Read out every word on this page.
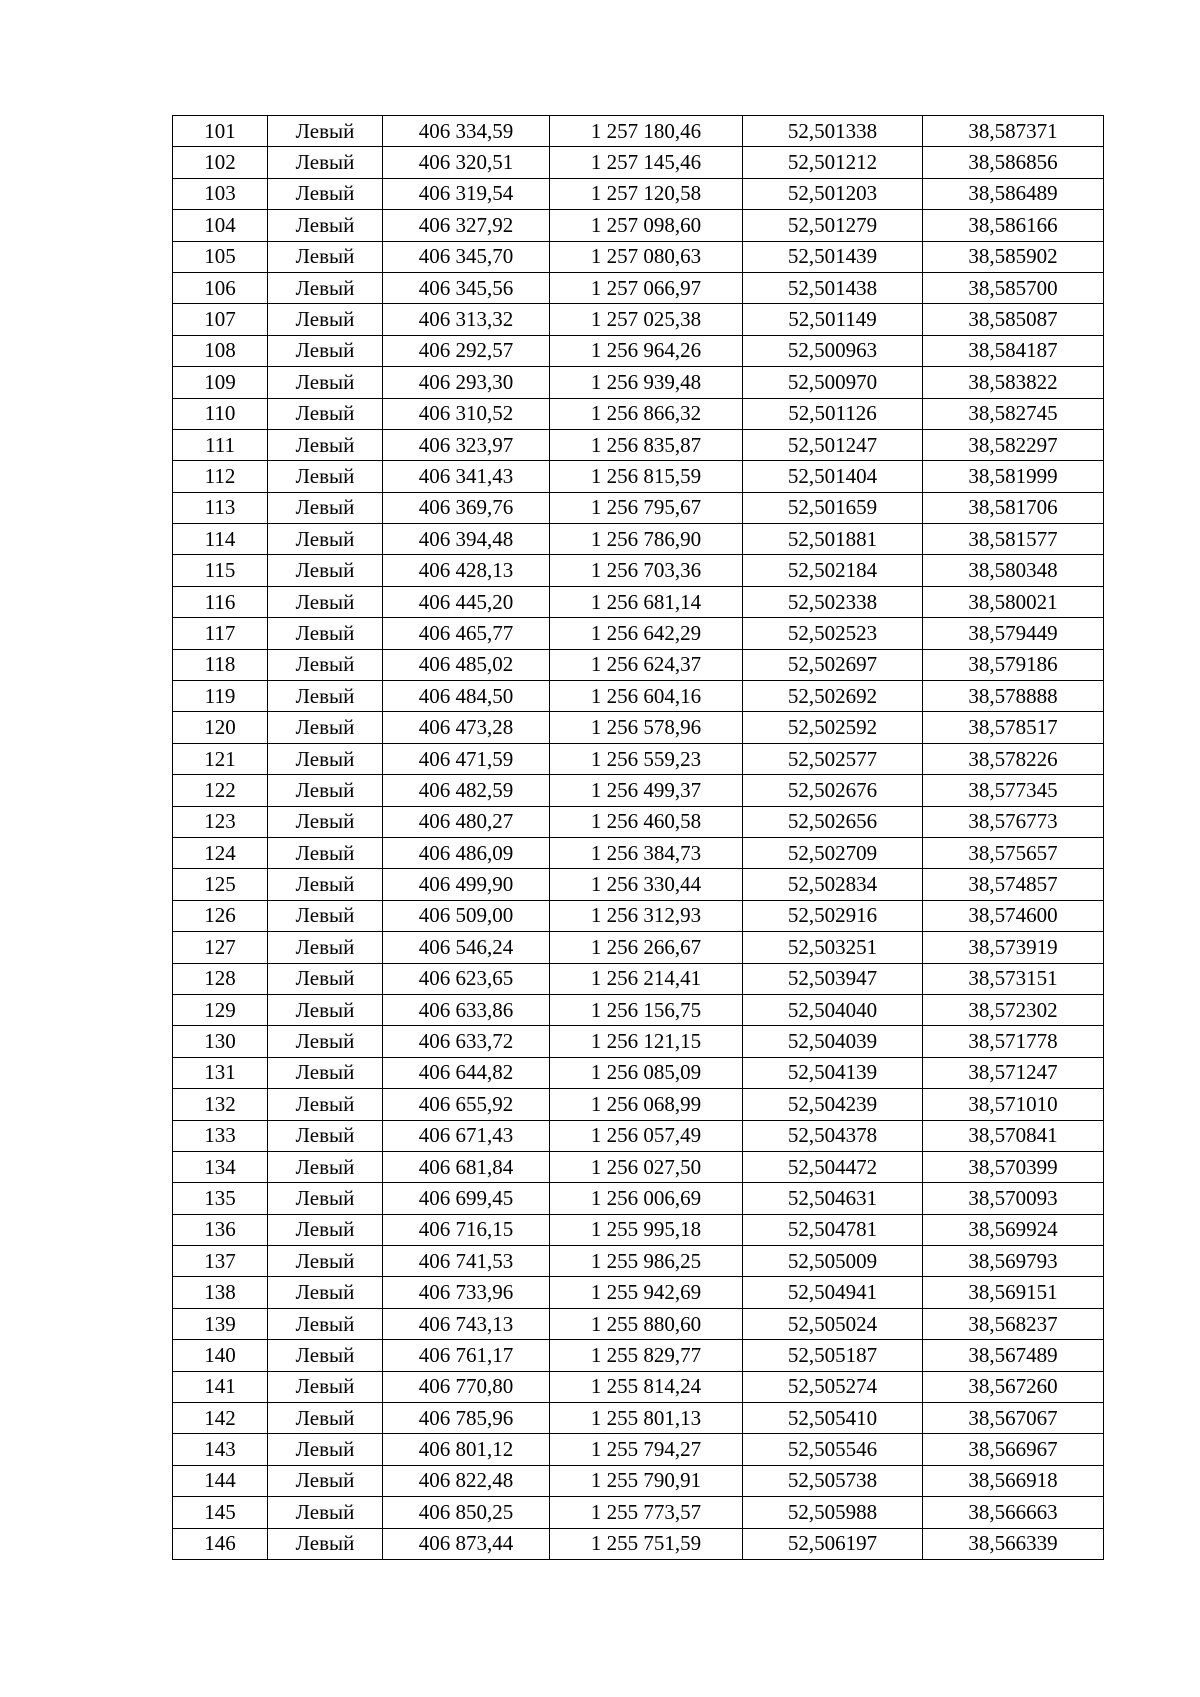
101	Левый	406 334,59	1 257 180,46	52,501338	38,587371
102	Левый	406 320,51	1 257 145,46	52,501212	38,586856
103	Левый	406 319,54	1 257 120,58	52,501203	38,586489
104	Левый	406 327,92	1 257 098,60	52,501279	38,586166
105	Левый	406 345,70	1 257 080,63	52,501439	38,585902
106	Левый	406 345,56	1 257 066,97	52,501438	38,585700
107	Левый	406 313,32	1 257 025,38	52,501149	38,585087
108	Левый	406 292,57	1 256 964,26	52,500963	38,584187
109	Левый	406 293,30	1 256 939,48	52,500970	38,583822
110	Левый	406 310,52	1 256 866,32	52,501126	38,582745
111	Левый	406 323,97	1 256 835,87	52,501247	38,582297
112	Левый	406 341,43	1 256 815,59	52,501404	38,581999
113	Левый	406 369,76	1 256 795,67	52,501659	38,581706
114	Левый	406 394,48	1 256 786,90	52,501881	38,581577
115	Левый	406 428,13	1 256 703,36	52,502184	38,580348
116	Левый	406 445,20	1 256 681,14	52,502338	38,580021
117	Левый	406 465,77	1 256 642,29	52,502523	38,579449
118	Левый	406 485,02	1 256 624,37	52,502697	38,579186
119	Левый	406 484,50	1 256 604,16	52,502692	38,578888
120	Левый	406 473,28	1 256 578,96	52,502592	38,578517
121	Левый	406 471,59	1 256 559,23	52,502577	38,578226
122	Левый	406 482,59	1 256 499,37	52,502676	38,577345
123	Левый	406 480,27	1 256 460,58	52,502656	38,576773
124	Левый	406 486,09	1 256 384,73	52,502709	38,575657
125	Левый	406 499,90	1 256 330,44	52,502834	38,574857
126	Левый	406 509,00	1 256 312,93	52,502916	38,574600
127	Левый	406 546,24	1 256 266,67	52,503251	38,573919
128	Левый	406 623,65	1 256 214,41	52,503947	38,573151
129	Левый	406 633,86	1 256 156,75	52,504040	38,572302
130	Левый	406 633,72	1 256 121,15	52,504039	38,571778
131	Левый	406 644,82	1 256 085,09	52,504139	38,571247
132	Левый	406 655,92	1 256 068,99	52,504239	38,571010
133	Левый	406 671,43	1 256 057,49	52,504378	38,570841
134	Левый	406 681,84	1 256 027,50	52,504472	38,570399
135	Левый	406 699,45	1 256 006,69	52,504631	38,570093
136	Левый	406 716,15	1 255 995,18	52,504781	38,569924
137	Левый	406 741,53	1 255 986,25	52,505009	38,569793
138	Левый	406 733,96	1 255 942,69	52,504941	38,569151
139	Левый	406 743,13	1 255 880,60	52,505024	38,568237
140	Левый	406 761,17	1 255 829,77	52,505187	38,567489
141	Левый	406 770,80	1 255 814,24	52,505274	38,567260
142	Левый	406 785,96	1 255 801,13	52,505410	38,567067
143	Левый	406 801,12	1 255 794,27	52,505546	38,566967
144	Левый	406 822,48	1 255 790,91	52,505738	38,566918
145	Левый	406 850,25	1 255 773,57	52,505988	38,566663
146	Левый	406 873,44	1 255 751,59	52,506197	38,566339
